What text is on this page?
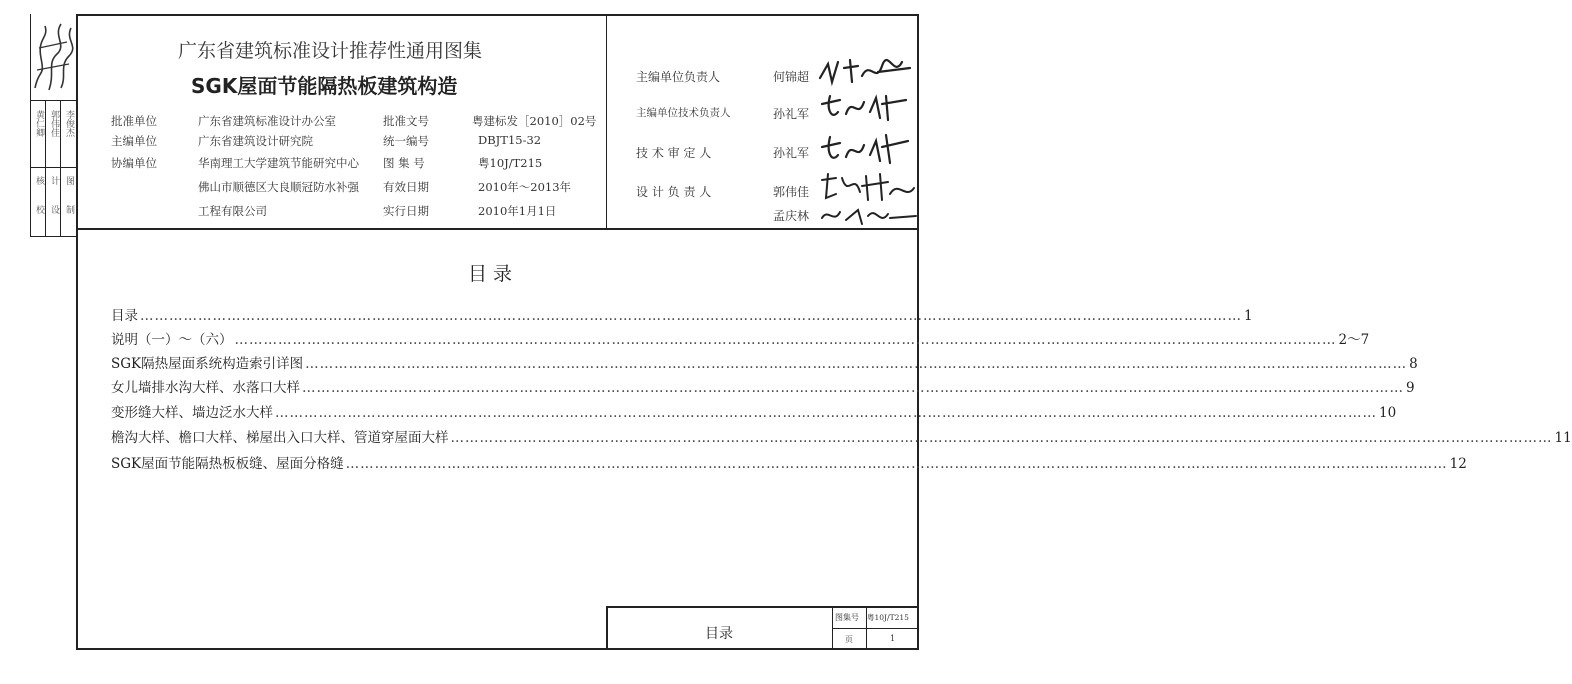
黄仁卿 郭伟佳 李俊杰
核 计 图
校 设 制
广东省建筑标准设计推荐性通用图集
SGK屋面节能隔热板建筑构造
批准单位	广东省建筑标准设计办公室
主编单位	广东省建筑设计研究院
协编单位	华南理工大学建筑节能研究中心
佛山市顺德区大良顺冠防水补强
工程有限公司
批准文号	粤建标发［2010］02号
统一编号	DBJT15-32
图 集 号	粤10J/T215
有效日期	2010年～2013年
实行日期	2010年1月1日
主编单位负责人	何锦超
主编单位技术负责人	孙礼军
技 术 审 定 人	孙礼军
设 计 负 责 人	郭伟佳
孟庆林
目 录
目录 ………………………………………………………………………………………………………………………………………………………………………………………………………… 1
说明（一）～（六） ………………………………………………………………………………………………………………………………………………………………………………………………………… 2～7
SGK隔热屋面系统构造索引详图 ………………………………………………………………………………………………………………………………………………………………………………………………………… 8
女儿墙排水沟大样、水落口大样 ………………………………………………………………………………………………………………………………………………………………………………………………………… 9
变形缝大样、墙边泛水大样 ………………………………………………………………………………………………………………………………………………………………………………………………………… 10
檐沟大样、檐口大样、梯屋出入口大样、管道穿屋面大样 ………………………………………………………………………………………………………………………………………………………………………………………………………… 11
SGK屋面节能隔热板板缝、屋面分格缝 ………………………………………………………………………………………………………………………………………………………………………………………………………… 12
目录
图集号 粤10J/T215
页	1
